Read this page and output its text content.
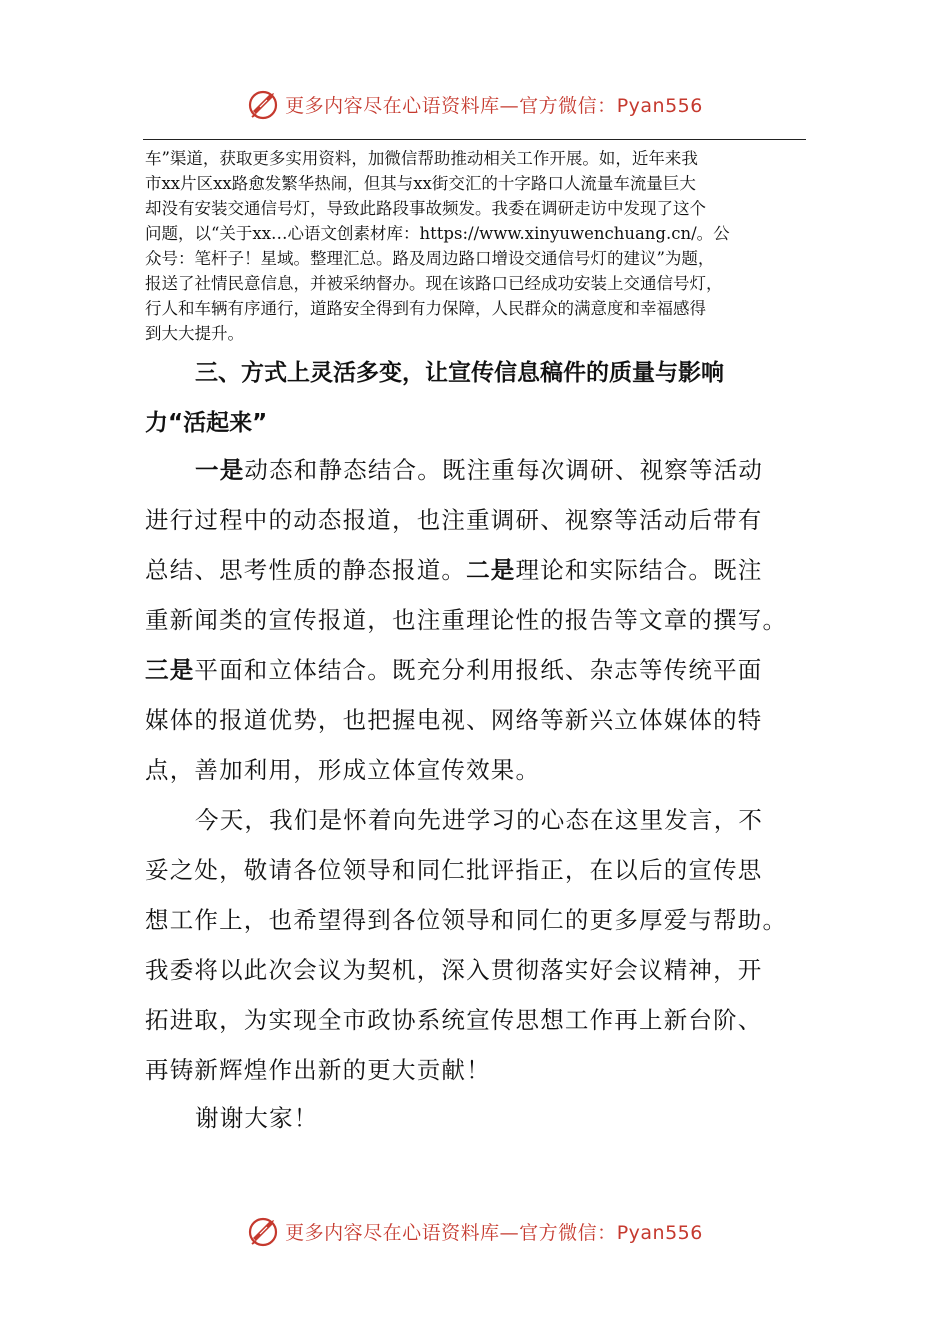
更多内容尽在心语资料库—官方微信：Pyan556
车”渠道，获取更多实用资料，加微信帮助推动相关工作开展。如，近年来我
市xx片区xx路愈发繁华热闹，但其与xx街交汇的十字路口人流量车流量巨大
却没有安装交通信号灯，导致此路段事故频发。我委在调研走访中发现了这个
问题，以“关于xx…心语文创素材库：https://www.xinyuwenchuang.cn/。公
众号：笔杆子！星域。整理汇总。路及周边路口增设交通信号灯的建议”为题，
报送了社情民意信息，并被采纳督办。现在该路口已经成功安装上交通信号灯，
行人和车辆有序通行，道路安全得到有力保障，人民群众的满意度和幸福感得
到大大提升。
三、方式上灵活多变，让宣传信息稿件的质量与影响
力“活起来”
一是动态和静态结合。既注重每次调研、视察等活动
进行过程中的动态报道，也注重调研、视察等活动后带有
总结、思考性质的静态报道。二是理论和实际结合。既注
重新闻类的宣传报道，也注重理论性的报告等文章的撰写。
三是平面和立体结合。既充分利用报纸、杂志等传统平面
媒体的报道优势，也把握电视、网络等新兴立体媒体的特
点，善加利用，形成立体宣传效果。
今天，我们是怀着向先进学习的心态在这里发言，不
妥之处，敬请各位领导和同仁批评指正，在以后的宣传思
想工作上，也希望得到各位领导和同仁的更多厚爱与帮助。
我委将以此次会议为契机，深入贯彻落实好会议精神，开
拓进取，为实现全市政协系统宣传思想工作再上新台阶、
再铸新辉煌作出新的更大贡献！
谢谢大家！
更多内容尽在心语资料库—官方微信：Pyan556
